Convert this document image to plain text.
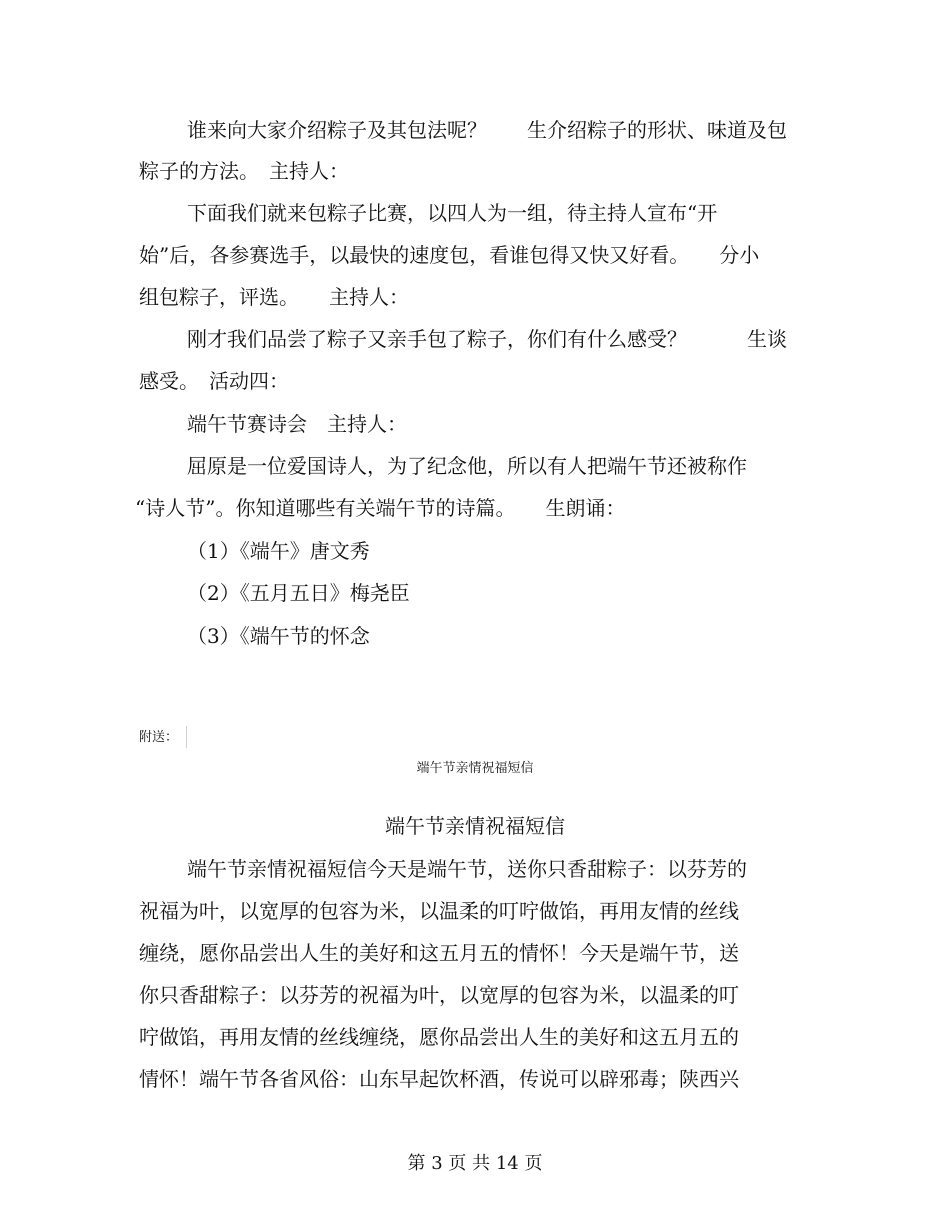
谁来向大家介绍粽子及其包法呢？　　生介绍粽子的形状、味道及包
粽子的方法。　主持人：
下面我们就来包粽子比赛，以四人为一组，待主持人宣布“开
始”后，各参赛选手，以最快的速度包，看谁包得又快又好看。　　分小
组包粽子，评选。　　主持人：
刚才我们品尝了粽子又亲手包了粽子，你们有什么感受？　　　生谈
感受。　活动四：
端午节赛诗会　主持人：
屈原是一位爱国诗人，为了纪念他，所以有人把端午节还被称作
“诗人节”。你知道哪些有关端午节的诗篇。　　生朗诵：
（1）《端午》唐文秀
（2）《五月五日》梅尧臣
（3）《端午节的怀念
附送：
端午节亲情祝福短信
端午节亲情祝福短信
端午节亲情祝福短信今天是端午节，送你只香甜粽子：以芬芳的
祝福为叶，以宽厚的包容为米，以温柔的叮咛做馅，再用友情的丝线
缠绕，愿你品尝出人生的美好和这五月五的情怀！今天是端午节，送
你只香甜粽子：以芬芳的祝福为叶，以宽厚的包容为米，以温柔的叮
咛做馅，再用友情的丝线缠绕，愿你品尝出人生的美好和这五月五的
情怀！端午节各省风俗：山东早起饮杯酒，传说可以辟邪毒；陕西兴
第 3 页 共 14 页
